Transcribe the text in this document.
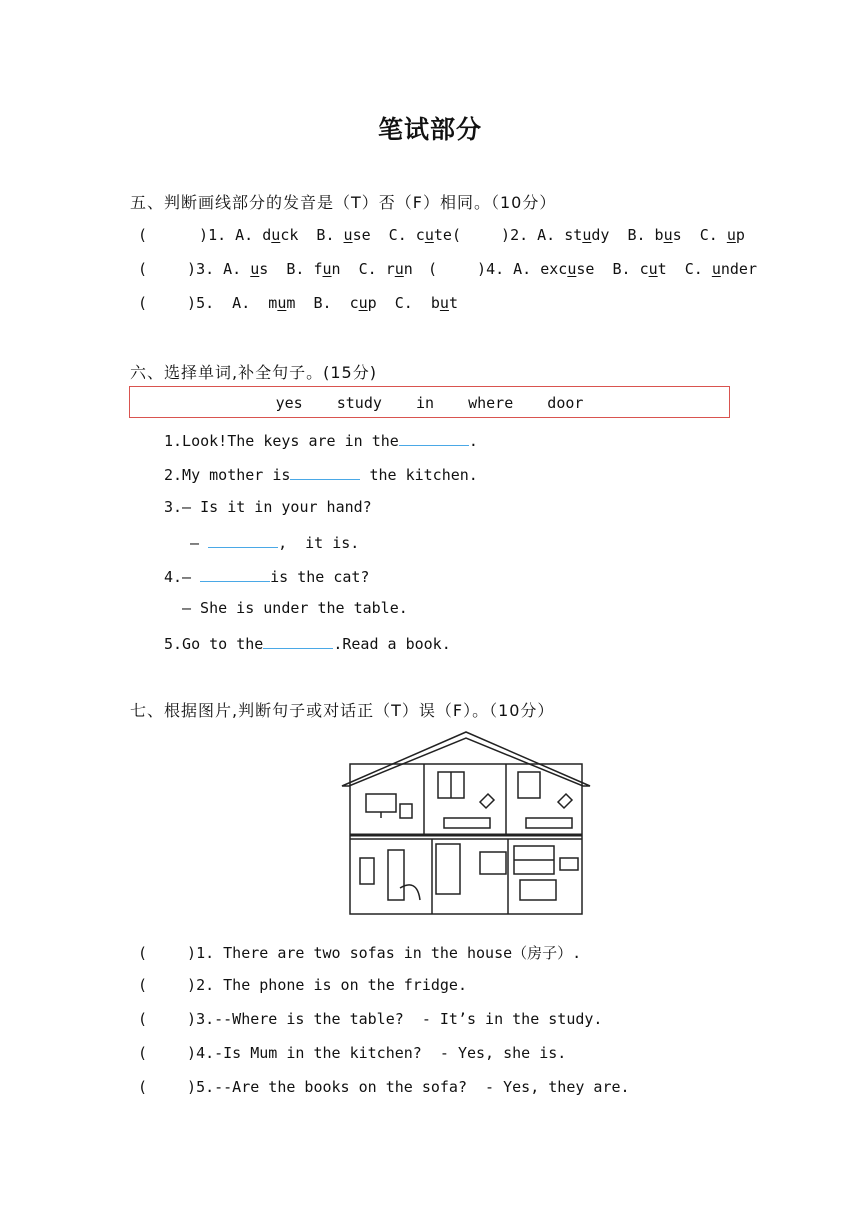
笔试部分
五、判断画线部分的发音是（T）否（F）相同。（10分）
(	)1. A. duck  B. use  C. cute (	)2. A. study  B. bus  C. up
(	)3. A. us  B. fun  C. run (	)4. A. excuse  B. cut  C. under
(	)5.  A.  mum  B.  cup  C.  but
六、选择单词,补全句子。(15分)
yes  study  in  where  door
1.Look!The keys are in the	.
2.My mother is	the kitchen.
3.— Is it in your hand?
—	,  it is.
4.—	is the cat?
— She is under the table.
5.Go to the	.Read a book.
七、根据图片,判断句子或对话正（T）误（F）。（10分）
(	)1. There are two sofas in the house（房子）.
(	)2. The phone is on the fridge.
(	)3.--Where is the table?  - It’s in the study.
(	)4.-Is Mum in the kitchen?  - Yes, she is.
(	)5.--Are the books on the sofa?  - Yes, they are.
